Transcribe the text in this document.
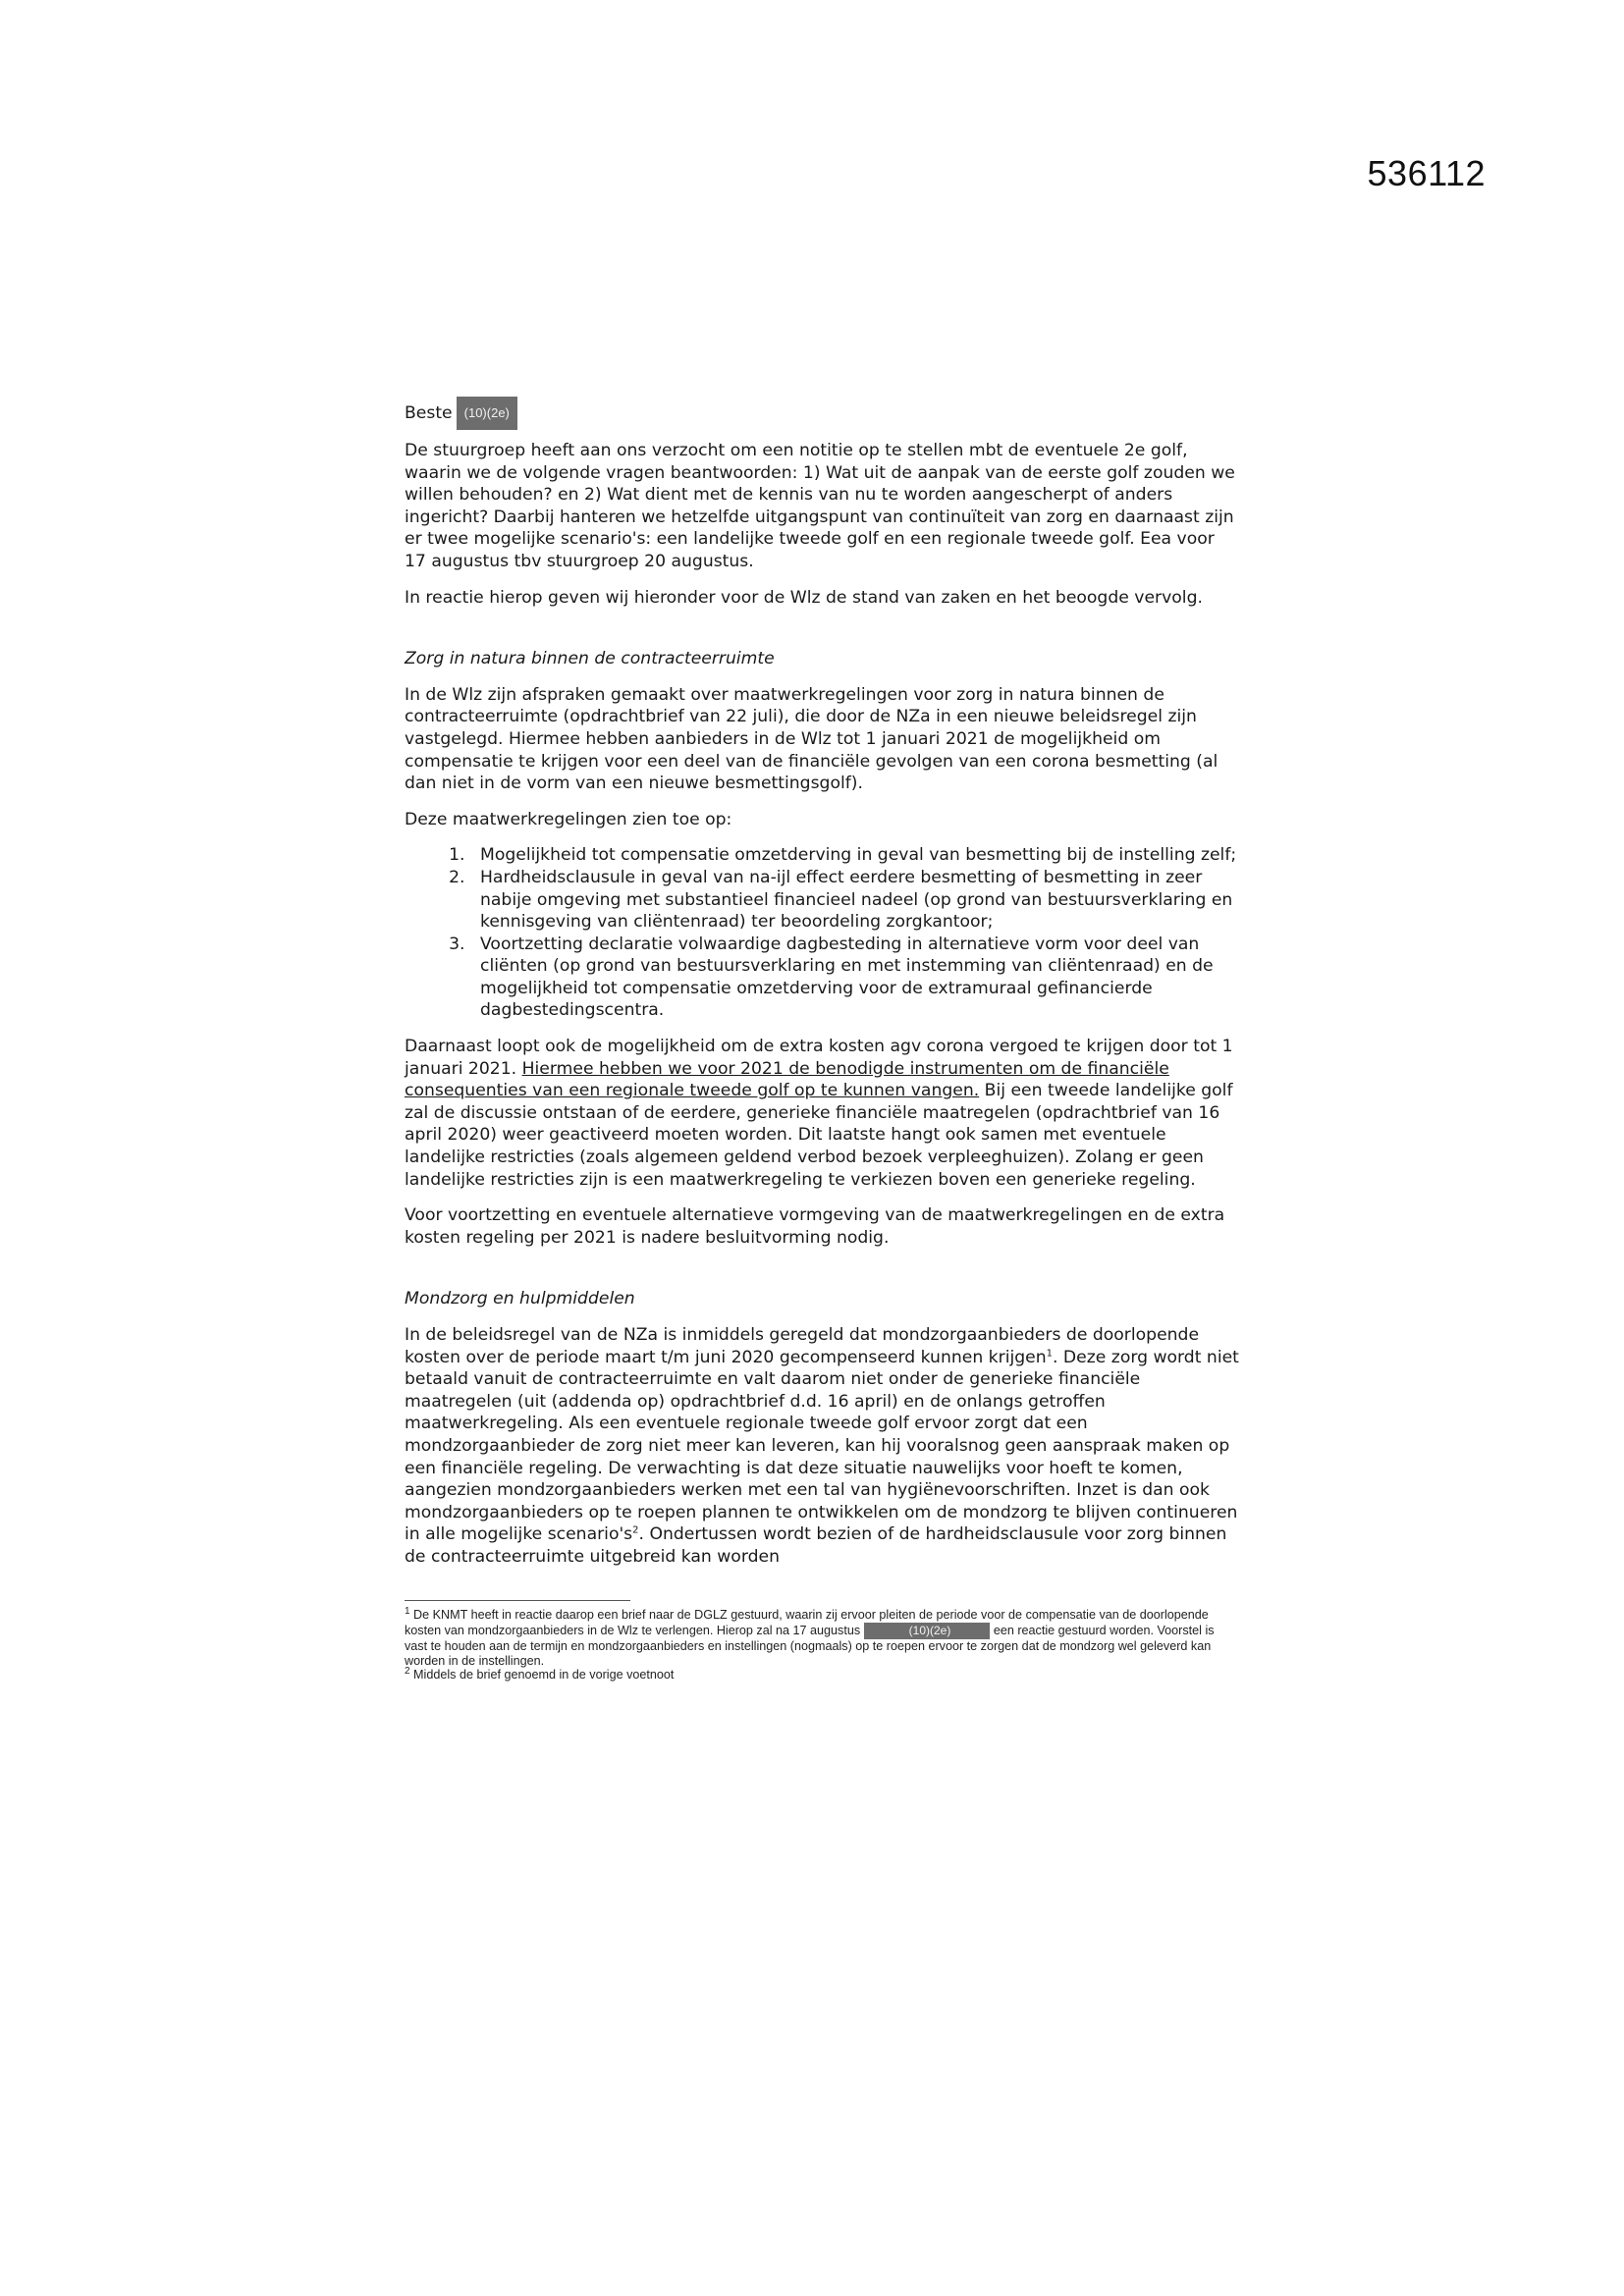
536112

Beste (10)(2e)

De stuurgroep heeft aan ons verzocht om een notitie op te stellen mbt de eventuele 2e golf, waarin we de volgende vragen beantwoorden: 1) Wat uit de aanpak van de eerste golf zouden we willen behouden? en 2) Wat dient met de kennis van nu te worden aangescherpt of anders ingericht? Daarbij hanteren we hetzelfde uitgangspunt van continuïteit van zorg en daarnaast zijn er twee mogelijke scenario's: een landelijke tweede golf en een regionale tweede golf. Eea voor 17 augustus tbv stuurgroep 20 augustus.

In reactie hierop geven wij hieronder voor de Wlz de stand van zaken en het beoogde vervolg.

Zorg in natura binnen de contracteerruimte

In de Wlz zijn afspraken gemaakt over maatwerkregelingen voor zorg in natura binnen de contracteerruimte (opdrachtbrief van 22 juli), die door de NZa in een nieuwe beleidsregel zijn vastgelegd. Hiermee hebben aanbieders in de Wlz tot 1 januari 2021 de mogelijkheid om compensatie te krijgen voor een deel van de financiële gevolgen van een corona besmetting (al dan niet in de vorm van een nieuwe besmettingsgolf).

Deze maatwerkregelingen zien toe op:

1. Mogelijkheid tot compensatie omzetderving in geval van besmetting bij de instelling zelf;
2. Hardheidsclausule in geval van na-ijl effect eerdere besmetting of besmetting in zeer nabije omgeving met substantieel financieel nadeel (op grond van bestuursverklaring en kennisgeving van cliëntenraad) ter beoordeling zorgkantoor;
3. Voortzetting declaratie volwaardige dagbesteding in alternatieve vorm voor deel van cliënten (op grond van bestuursverklaring en met instemming van cliëntenraad) en de mogelijkheid tot compensatie omzetderving voor de extramuraal gefinancierde dagbestedingscentra.

Daarnaast loopt ook de mogelijkheid om de extra kosten agv corona vergoed te krijgen door tot 1 januari 2021. Hiermee hebben we voor 2021 de benodigde instrumenten om de financiële consequenties van een regionale tweede golf op te kunnen vangen. Bij een tweede landelijke golf zal de discussie ontstaan of de eerdere, generieke financiële maatregelen (opdrachtbrief van 16 april 2020) weer geactiveerd moeten worden. Dit laatste hangt ook samen met eventuele landelijke restricties (zoals algemeen geldend verbod bezoek verpleeghuizen). Zolang er geen landelijke restricties zijn is een maatwerkregeling te verkiezen boven een generieke regeling.

Voor voortzetting en eventuele alternatieve vormgeving van de maatwerkregelingen en de extra kosten regeling per 2021 is nadere besluitvorming nodig.

Mondzorg en hulpmiddelen

In de beleidsregel van de NZa is inmiddels geregeld dat mondzorgaanbieders de doorlopende kosten over de periode maart t/m juni 2020 gecompenseerd kunnen krijgen$^1$. Deze zorg wordt niet betaald vanuit de contracteerruimte en valt daarom niet onder de generieke financiële maatregelen (uit (addenda op) opdrachtbrief d.d. 16 april) en de onlangs getroffen maatwerkregeling. Als een eventuele regionale tweede golf ervoor zorgt dat een mondzorgaanbieder de zorg niet meer kan leveren, kan hij vooralsnog geen aanspraak maken op een financiële regeling. De verwachting is dat deze situatie nauwelijks voor hoeft te komen, aangezien mondzorgaanbieders werken met een tal van hygiënevoorschriften. Inzet is dan ook mondzorgaanbieders op te roepen plannen te ontwikkelen om de mondzorg te blijven continueren in alle mogelijke $scenario's^2$. Ondertussen wordt bezien of de hardheidsclausule voor zorg binnen de contracteerruimte uitgebreid kan worden

$^1$ De KNMT heeft in reactie daarop een brief naar de DGLZ gestuurd, waarin zij ervoor pleiten de periode voor de compensatie van de doorlopende kosten van mondzorgaanbieders in de Wlz te verlengen. Hierop zal na 17 augustus	(10)(2e)	een reactie gestuurd worden. Voorstel is vast te houden aan de termijn en mondzorgaanbieders en instellingen (nogmaals) op te roepen ervoor te zorgen dat de mondzorg wel geleverd kan worden in de instellingen.

$^2$ Middels de brief genoemd in de vorige voetnoot
